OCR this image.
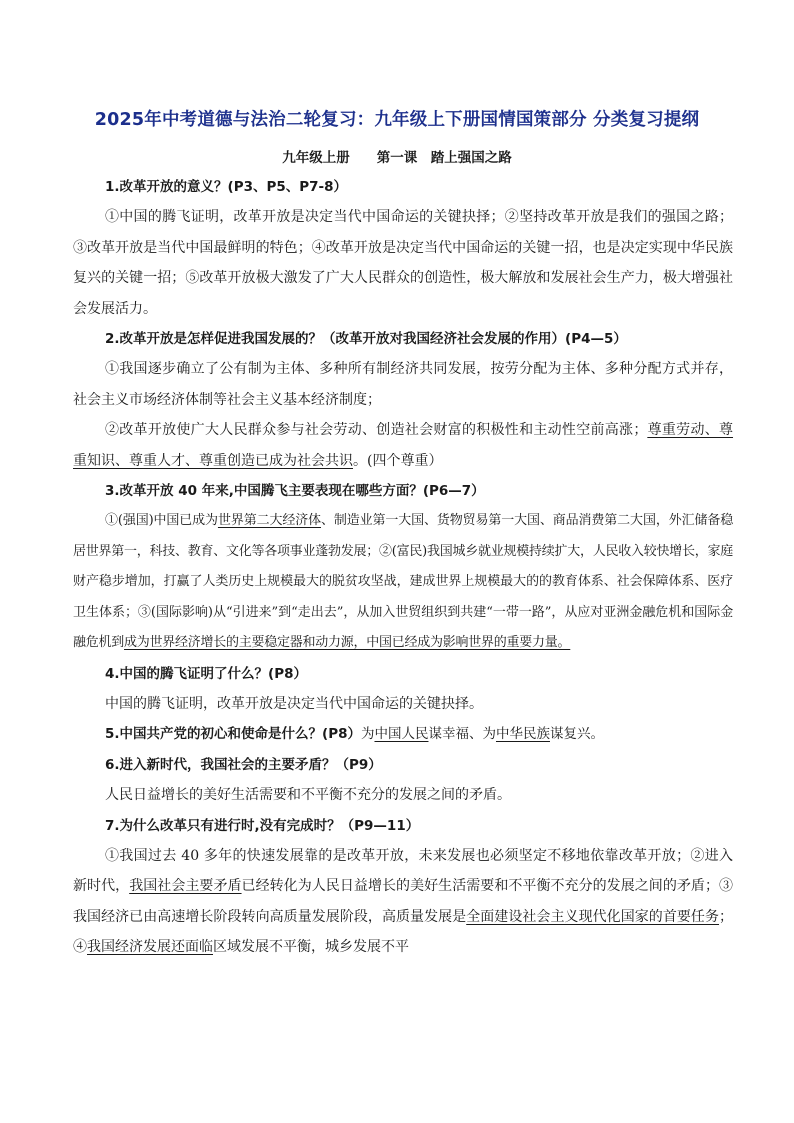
2025年中考道德与法治二轮复习：九年级上下册国情国策部分 分类复习提纲
九年级上册　　第一课　踏上强国之路
1.改革开放的意义？(P3、P5、P7-8）
①中国的腾飞证明，改革开放是决定当代中国命运的关键抉择；②坚持改革开放是我们的强国之路；③改革开放是当代中国最鲜明的特色；④改革开放是决定当代中国命运的关键一招，也是决定实现中华民族复兴的关键一招；⑤改革开放极大激发了广大人民群众的创造性，极大解放和发展社会生产力，极大增强社会发展活力。
2.改革开放是怎样促进我国发展的？（改革开放对我国经济社会发展的作用）(P4—5）
①我国逐步确立了公有制为主体、多种所有制经济共同发展，按劳分配为主体、多种分配方式并存，社会主义市场经济体制等社会主义基本经济制度；
②改革开放使广大人民群众参与社会劳动、创造社会财富的积极性和主动性空前高涨；尊重劳动、尊重知识、尊重人才、尊重创造已成为社会共识。(四个尊重）
3.改革开放 40 年来,中国腾飞主要表现在哪些方面？(P6—7）
①(强国)中国已成为世界第二大经济体、制造业第一大国、货物贸易第一大国、商品消费第二大国，外汇储备稳居世界第一，科技、教育、文化等各项事业蓬勃发展；②(富民)我国城乡就业规模持续扩大，人民收入较快增长，家庭财产稳步增加，打赢了人类历史上规模最大的脱贫攻坚战，建成世界上规模最大的的教育体系、社会保障体系、医疗卫生体系；③(国际影响)从“引进来”到“走出去”，从加入世贸组织到共建“一带一路”，从应对亚洲金融危机和国际金融危机到成为世界经济增长的主要稳定器和动力源，中国已经成为影响世界的重要力量。
4.中国的腾飞证明了什么？(P8）
中国的腾飞证明，改革开放是决定当代中国命运的关键抉择。
5.中国共产党的初心和使命是什么？(P8）为中国人民谋幸福、为中华民族谋复兴。
6.进入新时代，我国社会的主要矛盾？（P9）
人民日益增长的美好生活需要和不平衡不充分的发展之间的矛盾。
7.为什么改革只有进行时,没有完成时？（P9—11）
①我国过去 40 多年的快速发展靠的是改革开放，未来发展也必须坚定不移地依靠改革开放；②进入新时代，我国社会主要矛盾已经转化为人民日益增长的美好生活需要和不平衡不充分的发展之间的矛盾；③我国经济已由高速增长阶段转向高质量发展阶段，高质量发展是全面建设社会主义现代化国家的首要任务；④我国经济发展还面临区域发展不平衡，城乡发展不平
